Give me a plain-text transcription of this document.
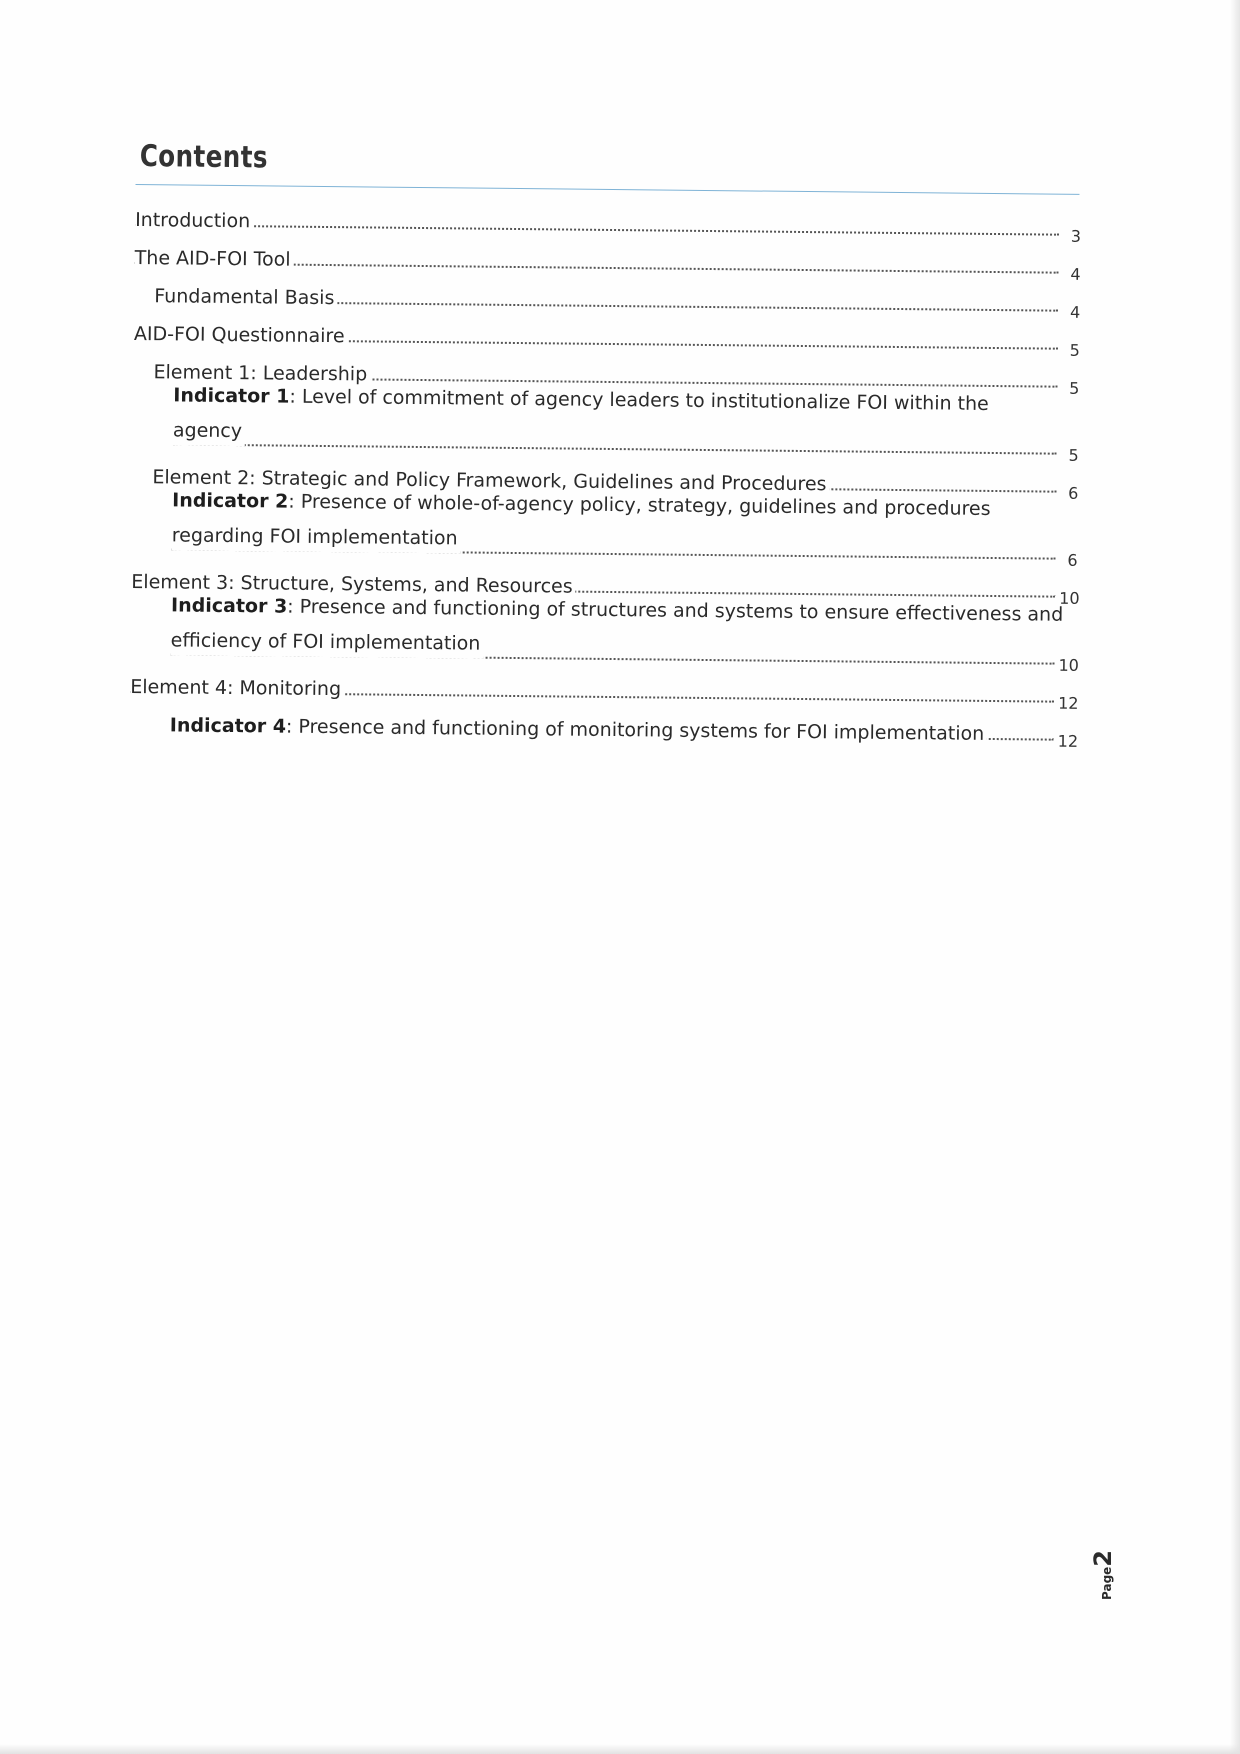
Contents
Introduction
3
The AID-FOI Tool
4
Fundamental Basis
4
AID-FOI Questionnaire
5
Element 1: Leadership
5
Indicator 1: Level of commitment of agency leaders to institutionalize FOI within the
agency
5
Element 2: Strategic and Policy Framework, Guidelines and Procedures	6
Indicator 2: Presence of whole-of-agency policy, strategy, guidelines and procedures
regarding FOI implementation
6
Element 3: Structure, Systems, and Resources
10
Indicator 3: Presence and functioning of structures and systems to ensure effectiveness and
efficiency of FOI implementation
10
Element 4: Monitoring
12
Indicator 4: Presence and functioning of monitoring systems for FOI implementation	12
Page2
